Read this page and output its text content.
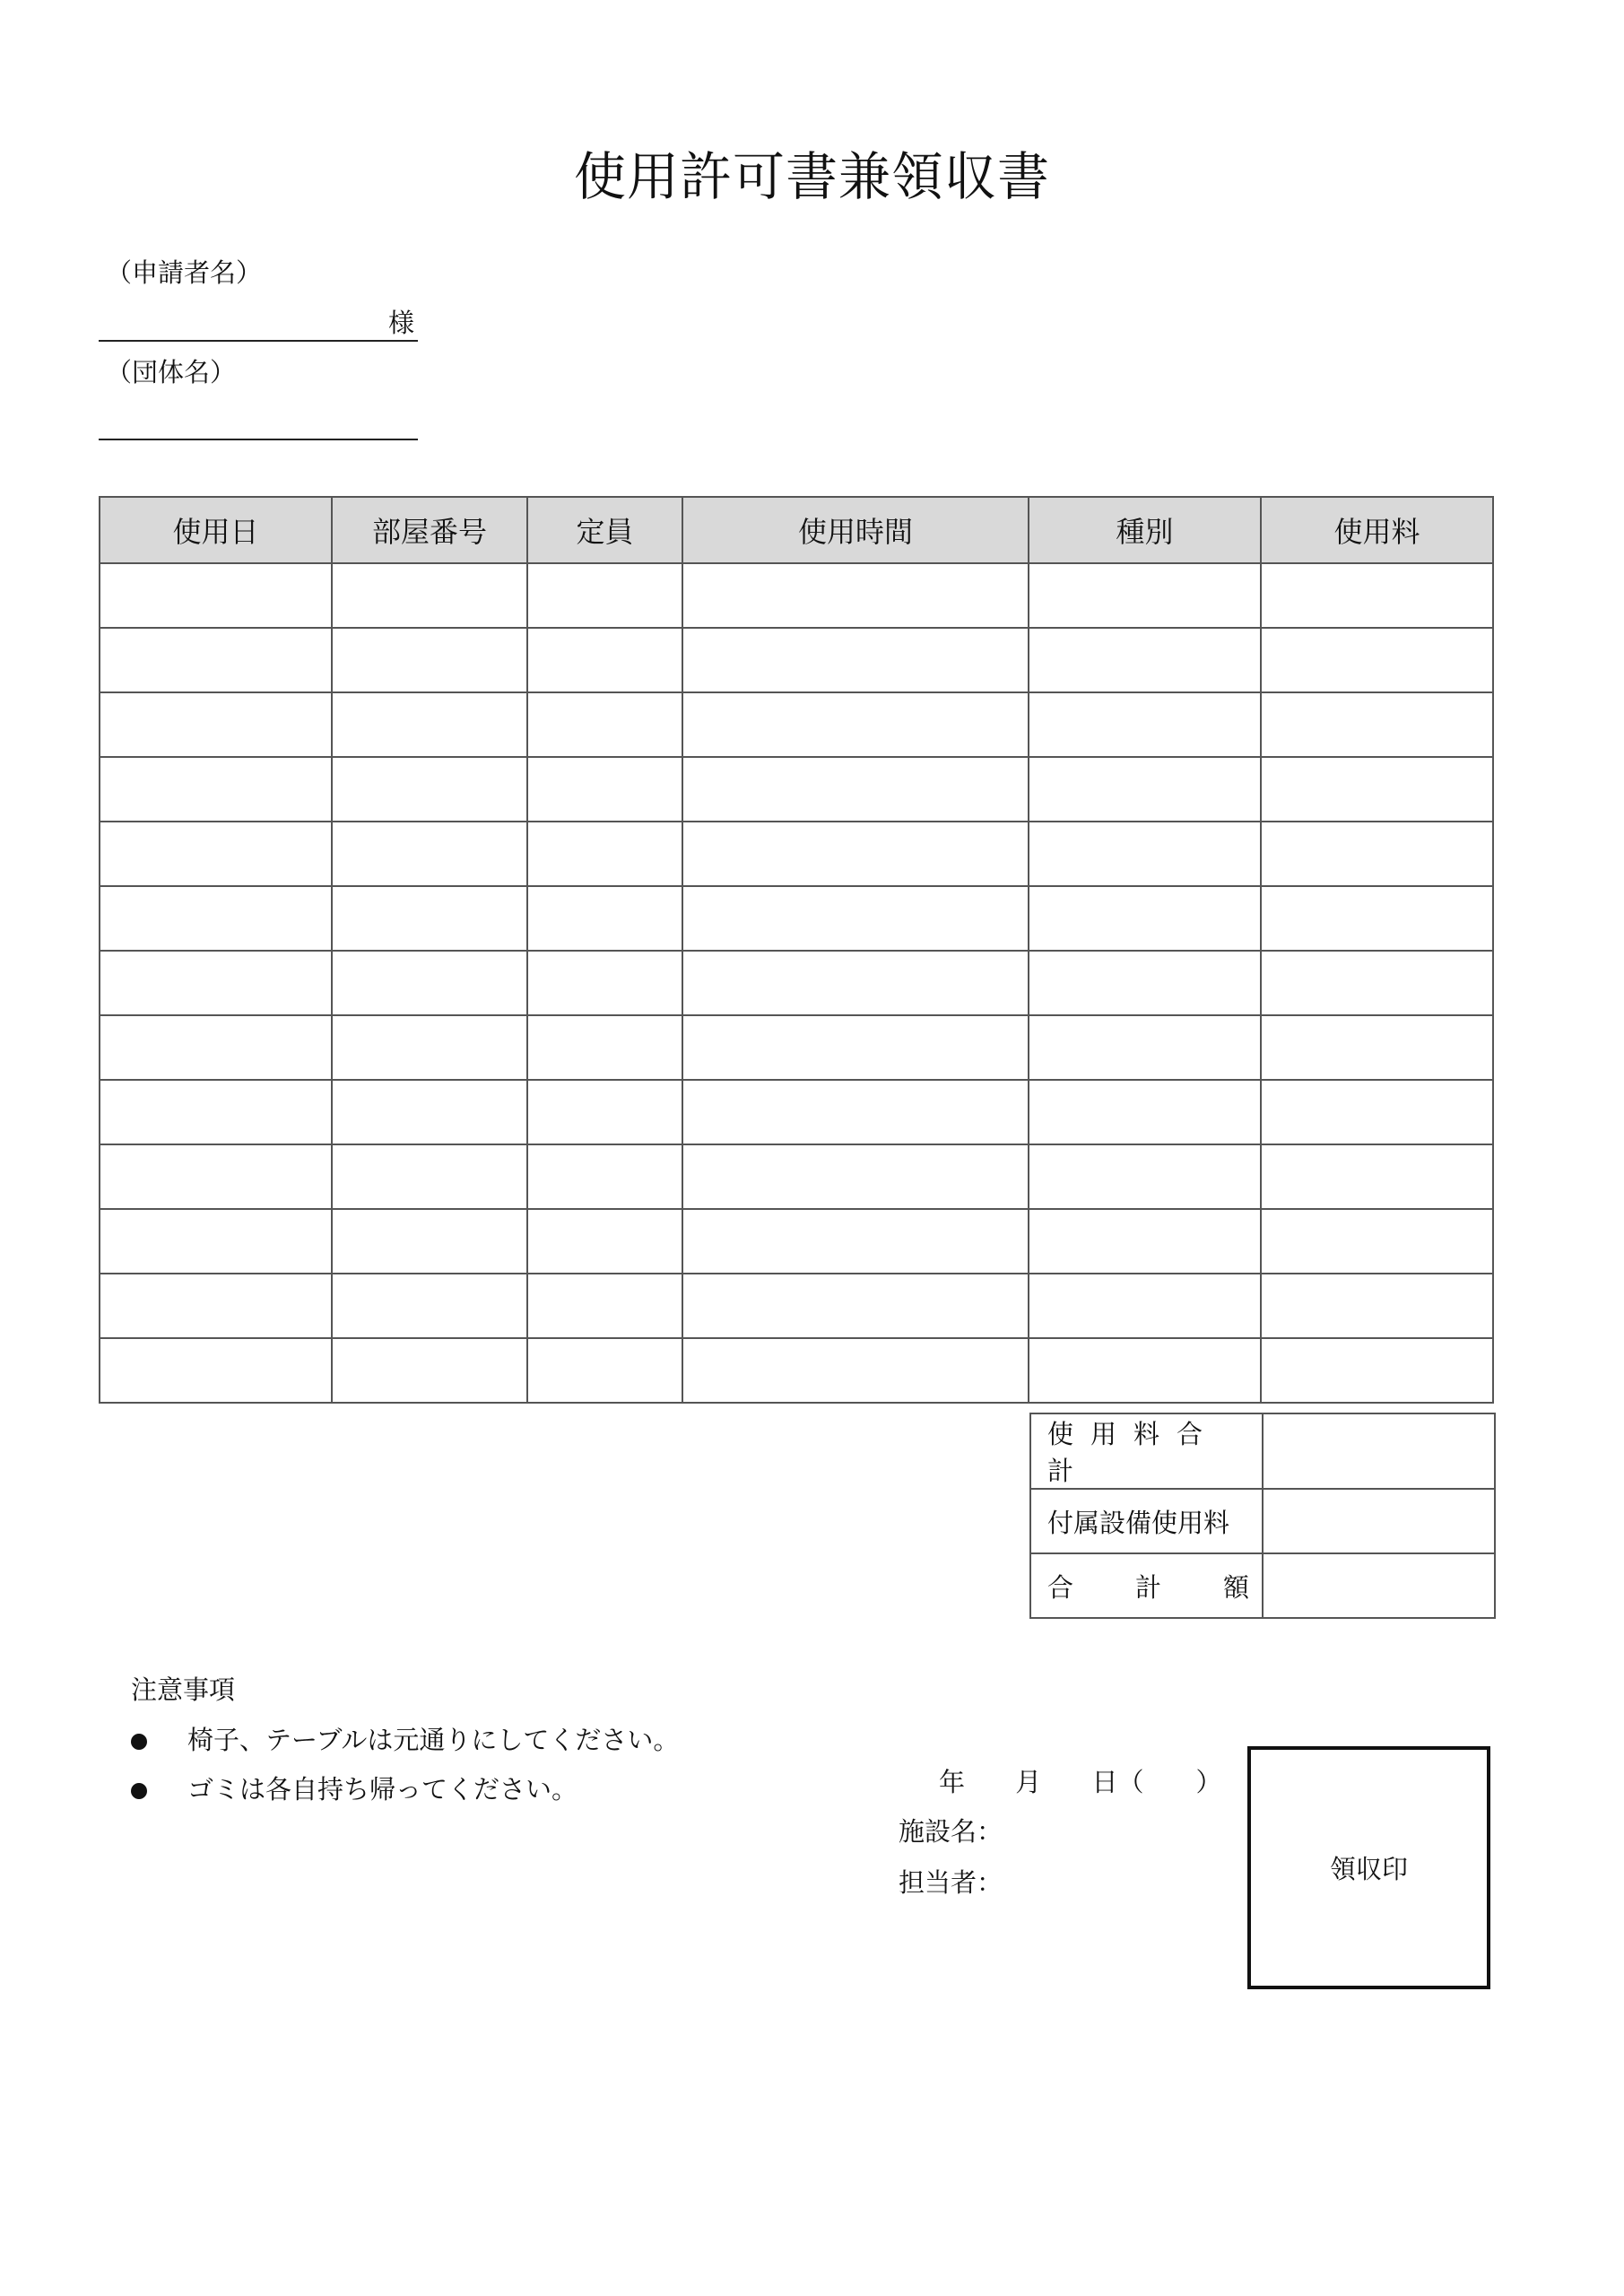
使用許可書兼領収書
（申請者名）
様
（団体名）
使用日	部屋番号	定員	使用時間	種別	使用料

使用料合計	
付属設備使用料	

合 計 額	

注意事項
椅子、テーブルは元通りにしてください。
ゴミは各自持ち帰ってください。	年 月 日（　　）
施設名：
担当者：	領収印
